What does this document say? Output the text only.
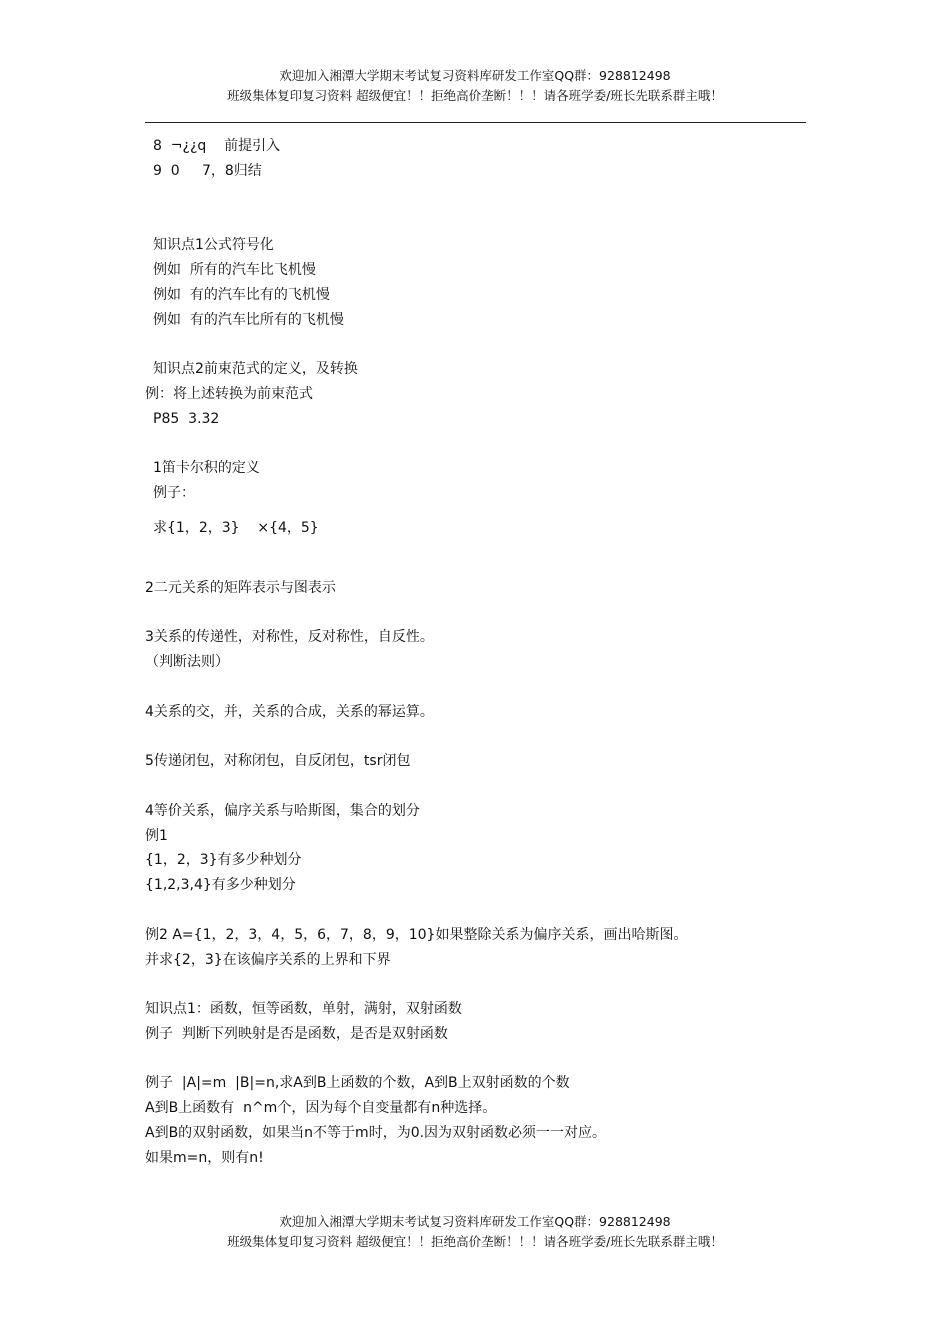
欢迎加入湘潭大学期末考试复习资料库研发工作室QQ群：928812498
班级集体复印复习资料 超级便宜！！拒绝高价垄断！！！请各班学委/班长先联系群主哦！
8  ¬¿¿q    前提引入
9  0     7，8归结
知识点1公式符号化
例如  所有的汽车比飞机慢
例如  有的汽车比有的飞机慢
例如  有的汽车比所有的飞机慢
知识点2前束范式的定义，及转换
例：将上述转换为前束范式
P85  3.32
1笛卡尔积的定义
例子：
求{1，2，3}    ×{4，5}
2二元关系的矩阵表示与图表示
3关系的传递性，对称性，反对称性，自反性。
（判断法则）
4关系的交，并，关系的合成，关系的幂运算。
5传递闭包，对称闭包，自反闭包，tsr闭包
4等价关系，偏序关系与哈斯图，集合的划分
例1
{1，2，3}有多少种划分
{1,2,3,4}有多少种划分
例2 A={1，2，3，4，5，6，7，8，9，10}如果整除关系为偏序关系，画出哈斯图。
并求{2，3}在该偏序关系的上界和下界
知识点1：函数，恒等函数，单射，满射，双射函数
例子  判断下列映射是否是函数，是否是双射函数
例子  |A|=m  |B|=n,求A到B上函数的个数，A到B上双射函数的个数
A到B上函数有  n^m个，因为每个自变量都有n种选择。
A到B的双射函数，如果当n不等于m时，为0.因为双射函数必须一一对应。
如果m=n，则有n!
欢迎加入湘潭大学期末考试复习资料库研发工作室QQ群：928812498
班级集体复印复习资料 超级便宜！！拒绝高价垄断！！！请各班学委/班长先联系群主哦！
